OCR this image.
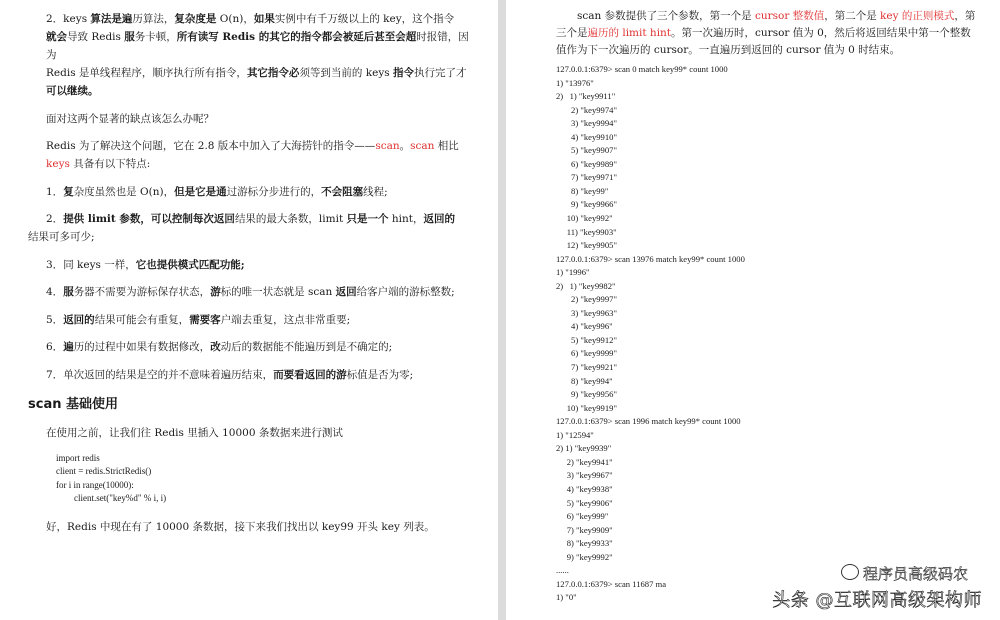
2．keys 算法是遍历算法，复杂度是 O(n)，如果实例中有千万级以上的 key，这个指令
就会导致 Redis 服务卡顿，所有读写 Redis 的其它的指令都会被延后甚至会超时报错，因为
Redis 是单线程程序，顺序执行所有指令，其它指令必须等到当前的 keys 指令执行完了才
可以继续。

面对这两个显著的缺点该怎么办呢？

Redis 为了解决这个问题，它在 2.8 版本中加入了大海捞针的指令——scan。scan 相比
keys 具备有以下特点:

1．复杂度虽然也是 O(n)，但是它是通过游标分步进行的，不会阻塞线程;

2．提供 limit 参数，可以控制每次返回结果的最大条数，limit 只是一个 hint，返回的
结果可多可少;

3．同 keys 一样，它也提供模式匹配功能;

4．服务器不需要为游标保存状态，游标的唯一状态就是 scan 返回给客户端的游标整数;

5．返回的结果可能会有重复，需要客户端去重复，这点非常重要;

6．遍历的过程中如果有数据修改，改动后的数据能不能遍历到是不确定的;

7．单次返回的结果是空的并不意味着遍历结束，而要看返回的游标值是否为零;

scan 基础使用

在使用之前，让我们往 Redis 里插入 10000 条数据来进行测试

import redis
client = redis.StrictRedis()
for i in range(10000):
client.set("key%d" % i, i)

好，Redis 中现在有了 10000 条数据，接下来我们找出以 key99 开头 key 列表。

scan 参数提供了三个参数，第一个是 cursor 整数值，第二个是 key 的正则模式，第三个是遍历的 limit hint。第一次遍历时，cursor 值为 0，然后将返回结果中第一个整数值作为下一次遍历的 cursor。一直遍历到返回的 cursor 值为 0 时结束。

127.0.0.1:6379> scan 0 match key99* count 1000
1) "13976"
2)   1) "key9911"
2) "key9974"
3) "key9994"
4) "key9910"
5) "key9907"
6) "key9989"
7) "key9971"
8) "key99"
9) "key9966"
10) "key992"
11) "key9903"
12) "key9905"
127.0.0.1:6379> scan 13976 match key99* count 1000
1) "1996"
2)   1) "key9982"
2) "key9997"
3) "key9963"
4) "key996"
5) "key9912"
6) "key9999"
7) "key9921"
8) "key994"
9) "key9956"
10) "key9919"
127.0.0.1:6379> scan 1996 match key99* count 1000
1) "12594"
2) 1) "key9939"
2) "key9941"
3) "key9967"
4) "key9938"
5) "key9906"
6) "key999"
7) "key9909"
8) "key9933"
9) "key9992"
......
127.0.0.1:6379> scan 11687 ma
1) "0"
程序员高级码农
头条 @互联网高级架构师
